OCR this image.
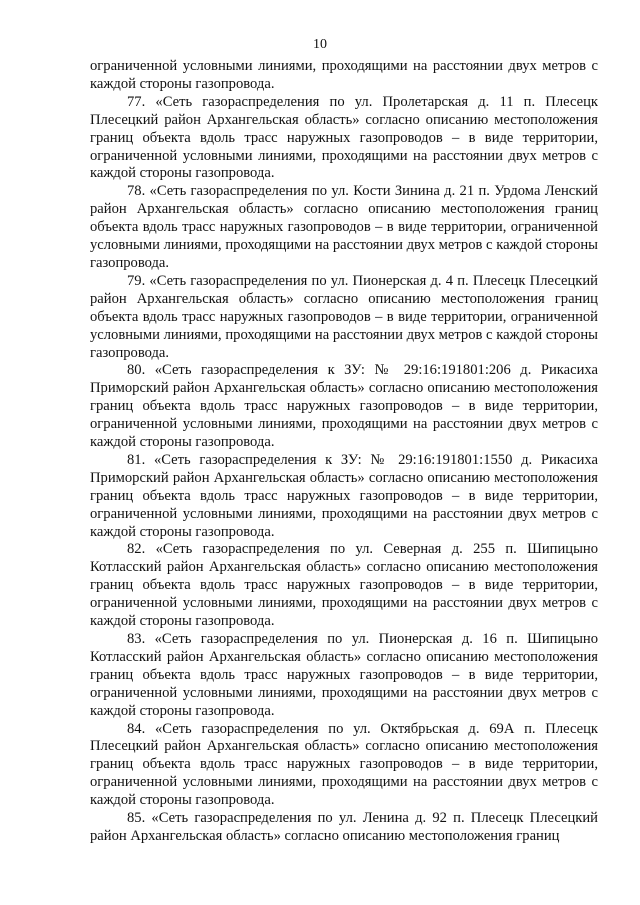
10

ограниченной условными линиями, проходящими на расстоянии двух метров с каждой стороны газопровода.

77. «Сеть газораспределения по ул. Пролетарская д. 11 п. Плесецк Плесецкий район Архангельская область» согласно описанию местоположения границ объекта вдоль трасс наружных газопроводов – в виде территории, ограниченной условными линиями, проходящими на расстоянии двух метров с каждой стороны газопровода.

78. «Сеть газораспределения по ул. Кости Зинина д. 21 п. Урдома Ленский район Архангельская область» согласно описанию местоположения границ объекта вдоль трасс наружных газопроводов – в виде территории, ограниченной условными линиями, проходящими на расстоянии двух метров с каждой стороны газопровода.

79. «Сеть газораспределения по ул. Пионерская д. 4 п. Плесецк Плесецкий район Архангельская область» согласно описанию местоположения границ объекта вдоль трасс наружных газопроводов – в виде территории, ограниченной условными линиями, проходящими на расстоянии двух метров с каждой стороны газопровода.

80. «Сеть газораспределения к ЗУ: № 29:16:191801:206 д. Рикасиха Приморский район Архангельская область» согласно описанию местоположения границ объекта вдоль трасс наружных газопроводов – в виде территории, ограниченной условными линиями, проходящими на расстоянии двух метров с каждой стороны газопровода.

81. «Сеть газораспределения к ЗУ: № 29:16:191801:1550 д. Рикасиха Приморский район Архангельская область» согласно описанию местоположения границ объекта вдоль трасс наружных газопроводов – в виде территории, ограниченной условными линиями, проходящими на расстоянии двух метров с каждой стороны газопровода.

82. «Сеть газораспределения по ул. Северная д. 255 п. Шипицыно Котласский район Архангельская область» согласно описанию местоположения границ объекта вдоль трасс наружных газопроводов – в виде территории, ограниченной условными линиями, проходящими на расстоянии двух метров с каждой стороны газопровода.

83. «Сеть газораспределения по ул. Пионерская д. 16 п. Шипицыно Котласский район Архангельская область» согласно описанию местоположения границ объекта вдоль трасс наружных газопроводов – в виде территории, ограниченной условными линиями, проходящими на расстоянии двух метров с каждой стороны газопровода.

84. «Сеть газораспределения по ул. Октябрьская д. 69А п. Плесецк Плесецкий район Архангельская область» согласно описанию местоположения границ объекта вдоль трасс наружных газопроводов – в виде территории, ограниченной условными линиями, проходящими на расстоянии двух метров с каждой стороны газопровода.

85. «Сеть газораспределения по ул. Ленина д. 92 п. Плесецк Плесецкий район Архангельская область» согласно описанию местоположения границ
